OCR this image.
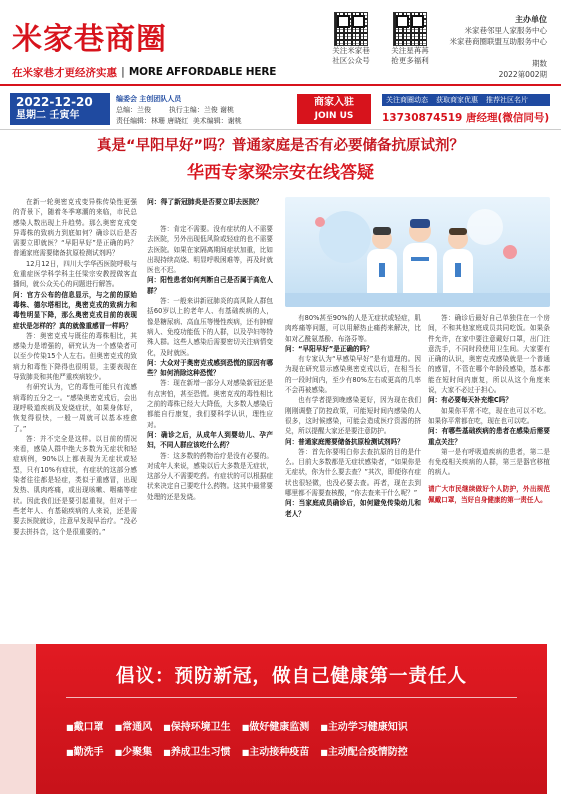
米家巷商圈
在米家巷才更经济实惠 | MORE AFFORDABLE HERE
关注米家巷
社区公众号
关注星苒苒
抢更多福利
主办单位
米家巷邻里人家服务中心
米家巷商圈联盟互助服务中心
期数
2022第002期
2022-12-20
星期二 壬寅年
编委会 主创团队人员
总编：兰俊	执行主编：兰俊 谢桃
责任编辑：林珊 唐晓红 美术编辑：谢桃
商家入驻
JOIN US
关注商圈动态 获取商家优惠 推荐社区名片
13730874519 唐经理(微信同号)
真是“早阳早好”吗？普通家庭是否有必要储备抗原试剂？
华西专家梁宗安在线答疑

在新一轮奥密克戎变异株传染性更强的背景下，随着冬季寒潮的来临，市民总感染人数出现上升趋势。那么奥密克戎变异毒株的致病力到底如何？确诊以后是否需要立即就医？“早阳早好”是正确的吗？普通家庭需要储备抗原检测试剂吗？

12月12日，四川大学华西医院呼吸与危重症医学科学科主任梁宗安教授做客直播间，就公众关心的问题进行解答。

问：官方公布的信息显示，与之前的原始毒株、德尔塔相比，奥密克戎的致病力和毒性明显下降，那么奥密克戎目前的表现症状是怎样的？真的就像重感冒一样吗？

答：奥密克戎与既往的毒株相比，其感染力是增强的，研究认为一个感染者可以至少传染15个人左右。但奥密克戎的致病力和毒性下降得也很明显，主要表现在导致肺炎和其他严重疾病较少。

有研究认为，它的毒性可能只有流感病毒的五分之一。“感染奥密克戎后，会出现呼吸道疾病及发烧症状，如果身体好，恢复得很快，一般一周就可以基本痊愈了。”

答：并不完全是这样。以目前的情况来看，感染人群中绝大多数为无症状和轻症病例，90%以上都表现为无症状或轻型，只有10%有症状，有症状的这部分感染者往往都是轻症，类似于重感冒，出现发热、肌肉疼痛，或出现咳嗽、咽痛等症状。因此我们还是要引起重视，但对于一些老年人、有基础疾病的人来说，还是需要去医院就诊，注意早发现早治疗。“没必要去拼抖音，这个是很重要的。”

问：得了新冠肺炎是否要立即去医院？

答：肯定不需要。没有症状的人不需要去医院，另外出现低风险或轻症的也不需要去医院。如果在家隔离期间症状加重，比如出现持续高烧、明显呼吸困难等，再及时就医也不迟。

问：阳性患者如何判断自己是否属于高危人群？

答：一般来讲新冠肺炎的高风险人群包括60岁以上的老年人、有基础疾病的人，像是糖尿病、高血压等慢性疾病，还有肿瘤病人、免疫功能低下的人群，以及孕妇等特殊人群。这些人感染后需要密切关注病情变化，及时就医。

问：大众对于奥密克戎感到恐慌的原因有哪些？如何消除这种恐慌？

答：现在新增一部分人对感染新冠还是有点害怕，甚至恐慌。奥密克戎的毒性相比之前的毒株已经大大降低，大多数人感染后都能自行康复，我们要科学认识，理性应对。

问：确诊之后，从成年人到婴幼儿、孕产妇，不同人群应该吃什么药？

答：这多数的药物治疗是没有必要的。对成年人来说，感染以后大多数是无症状，这部分人不需要吃药。有症状的可以根据症状来决定自己要吃什么药物。这其中最常要处理的还是发烧。

有80%甚至90%的人是无症状或轻症，肌肉疼痛等问题，可以用解热止痛药来解决，比如对乙酰氨基酚、布洛芬等。

问：“早阳早好”是正确的吗？

有专家认为“早感染早好”是有道理的。因为现在研究显示感染奥密克戎以后，在相当长的一段时间内，至少有80%左右或更高的几率不会再被感染。

也有学者提到晚感染更好，因为现在我们刚刚调整了防控政策，可能短时间内感染的人很多，这时候感染，可能会造成医疗资源的挤兑，所以提醒大家还是要注意防护。

问：普通家庭需要储备抗原检测试剂吗？

答：首先你要明白你去查抗原的目的是什么。目前大多数都是无症状感染者，“如果你是无症状，你为什么要去查？”其次，即便你有症状也很轻微，也没必要去查。再者，现在去到哪里都不需要查核酸，“你去查来干什么呢？”

问：当家庭成员确诊后，如何避免传染幼儿和老人？

答：确诊后最好自己单独住在一个房间，不和其他家庭成员共同吃饭。如果条件允许，在家中要注意戴好口罩，出门注意洗手，不同时段使用卫生间。大家要有正确的认识，奥密克戎感染就是一个普通的感冒，不管在哪个年龄段感染，基本都能在短时间内康复，所以从这个角度来说，大家不必过于担心。

问：有必要每天补充维C吗？

如果你平常不吃，现在也可以不吃。如果你平常都在吃，现在也可以吃。

问：有哪些基础疾病的患者在感染后需要重点关注？

第一是有呼吸道疾病的患者，第二是有免疫相关疾病的人群，第三是器官移植的病人。

请广大市民继续做好个人防护，外出规范佩戴口罩，当好自身健康的第一责任人。

倡议：预防新冠，做自己健康第一责任人
■ 戴口罩	■ 常通风	■ 保持环境卫生	■ 做好健康监测	■ 主动学习健康知识
■ 勤洗手	■ 少聚集	■ 养成卫生习惯	■ 主动接种疫苗	■ 主动配合疫情防控
